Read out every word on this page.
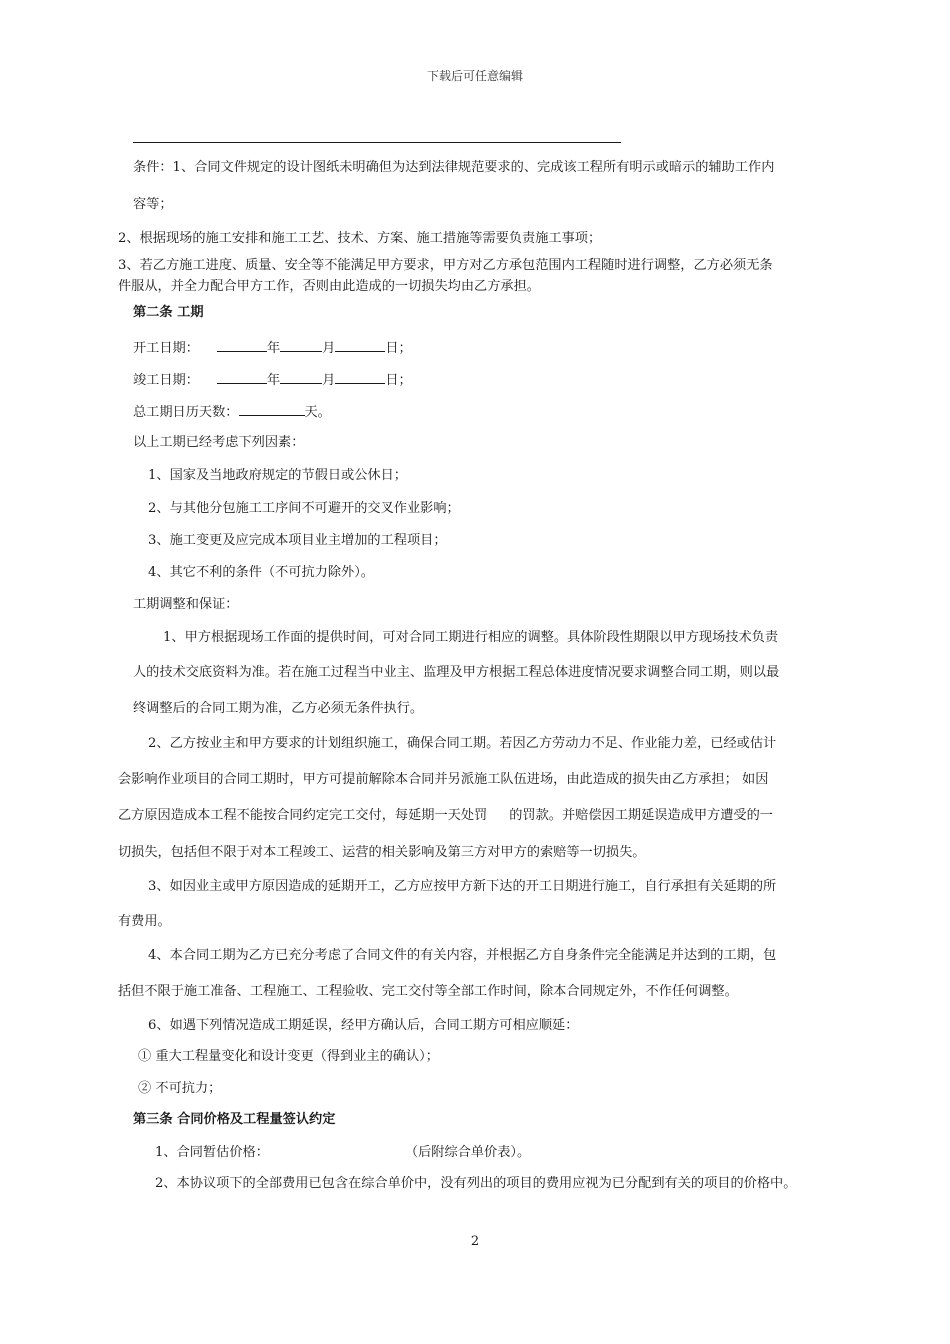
下载后可任意编辑
条件：1、合同文件规定的设计图纸未明确但为达到法律规范要求的、完成该工程所有明示或暗示的辅助工作内
容等；
2、根据现场的施工安排和施工工艺、技术、方案、施工措施等需要负责施工事项；
3、若乙方施工进度、质量、安全等不能满足甲方要求，甲方对乙方承包范围内工程随时进行调整，乙方必须无条
件服从，并全力配合甲方工作，否则由此造成的一切损失均由乙方承担。
第二条 工期
开工日期：	年	月	日；
竣工日期：	年	月	日；
总工期日历天数：	天。
以上工期已经考虑下列因素：
1、国家及当地政府规定的节假日或公休日；
2、与其他分包施工工序间不可避开的交叉作业影响；
3、施工变更及应完成本项目业主增加的工程项目；
4、其它不利的条件（不可抗力除外）。
工期调整和保证：
1、甲方根据现场工作面的提供时间，可对合同工期进行相应的调整。具体阶段性期限以甲方现场技术负责
人的技术交底资料为准。若在施工过程当中业主、监理及甲方根据工程总体进度情况要求调整合同工期，则以最
终调整后的合同工期为准，乙方必须无条件执行。
2、乙方按业主和甲方要求的计划组织施工，确保合同工期。若因乙方劳动力不足、作业能力差，已经或估计
会影响作业项目的合同工期时，甲方可提前解除本合同并另派施工队伍进场，由此造成的损失由乙方承担； 如因
乙方原因造成本工程不能按合同约定完工交付，每延期一天处罚 的罚款。并赔偿因工期延误造成甲方遭受的一
切损失，包括但不限于对本工程竣工、运营的相关影响及第三方对甲方的索赔等一切损失。
3、如因业主或甲方原因造成的延期开工，乙方应按甲方新下达的开工日期进行施工，自行承担有关延期的所
有费用。
4、本合同工期为乙方已充分考虑了合同文件的有关内容，并根据乙方自身条件完全能满足并达到的工期，包
括但不限于施工准备、工程施工、工程验收、完工交付等全部工作时间，除本合同规定外，不作任何调整。
6、如遇下列情况造成工期延误，经甲方确认后，合同工期方可相应顺延：
① 重大工程量变化和设计变更（得到业主的确认）；
② 不可抗力；
第三条 合同价格及工程量签认约定
1、合同暂估价格：	（后附综合单价表）。
2、本协议项下的全部费用已包含在综合单价中，没有列出的项目的费用应视为已分配到有关的项目的价格中。
2
